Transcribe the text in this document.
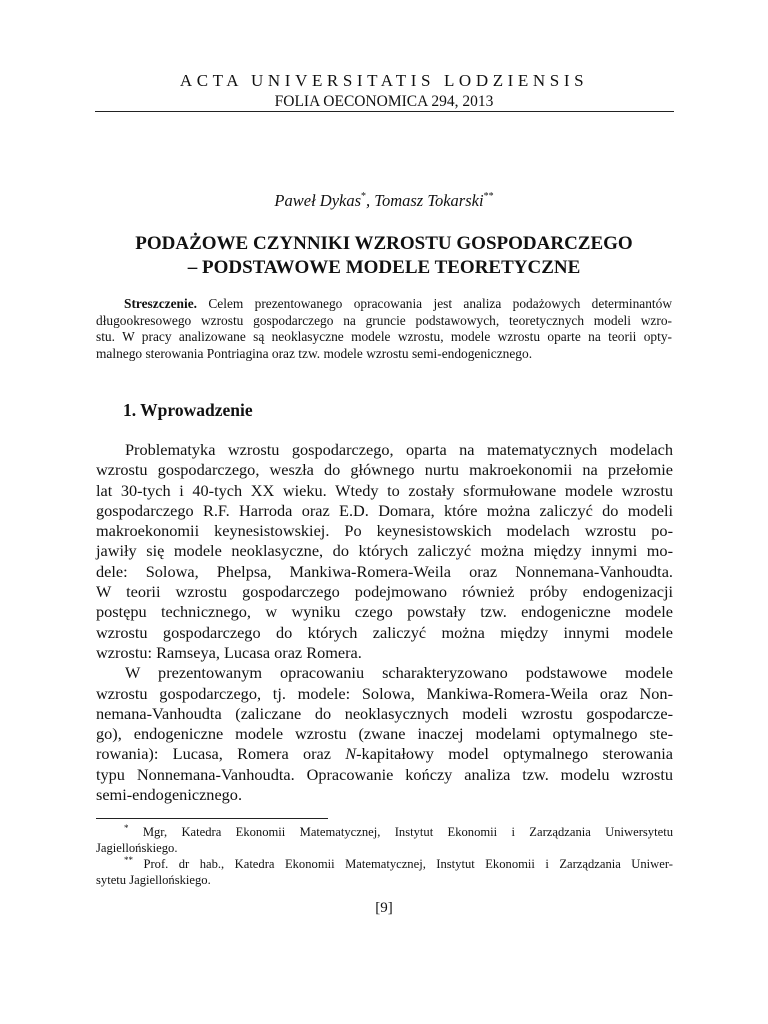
ACTA UNIVERSITATIS LODZIENSIS
FOLIA OECONOMICA 294, 2013
Paweł Dykas*, Tomasz Tokarski**
PODAŻOWE CZYNNIKI WZROSTU GOSPODARCZEGO
– PODSTAWOWE MODELE TEORETYCZNE
Streszczenie. Celem prezentowanego opracowania jest analiza podażowych determinantów
długookresowego wzrostu gospodarczego na gruncie podstawowych, teoretycznych modeli wzro-
stu. W pracy analizowane są neoklasyczne modele wzrostu, modele wzrostu oparte na teorii opty-
malnego sterowania Pontriagina oraz tzw. modele wzrostu semi-endogenicznego.
1. Wprowadzenie
Problematyka wzrostu gospodarczego, oparta na matematycznych modelach
wzrostu gospodarczego, weszła do głównego nurtu makroekonomii na przełomie
lat 30-tych i 40-tych XX wieku. Wtedy to zostały sformułowane modele wzrostu
gospodarczego R.F. Harroda oraz E.D. Domara, które można zaliczyć do modeli
makroekonomii keynesistowskiej. Po keynesistowskich modelach wzrostu po-
jawiły się modele neoklasyczne, do których zaliczyć można między innymi mo-
dele: Solowa, Phelpsa, Mankiwa-Romera-Weila oraz Nonnemana-Vanhoudta.
W teorii wzrostu gospodarczego podejmowano również próby endogenizacji
postępu technicznego, w wyniku czego powstały tzw. endogeniczne modele
wzrostu gospodarczego do których zaliczyć można między innymi modele
wzrostu: Ramseya, Lucasa oraz Romera.
W prezentowanym opracowaniu scharakteryzowano podstawowe modele
wzrostu gospodarczego, tj. modele: Solowa, Mankiwa-Romera-Weila oraz Non-
nemana-Vanhoudta (zaliczane do neoklasycznych modeli wzrostu gospodarcze-
go), endogeniczne modele wzrostu (zwane inaczej modelami optymalnego ste-
rowania): Lucasa, Romera oraz N-kapitałowy model optymalnego sterowania
typu Nonnemana-Vanhoudta. Opracowanie kończy analiza tzw. modelu wzrostu
semi-endogenicznego.
* Mgr, Katedra Ekonomii Matematycznej, Instytut Ekonomii i Zarządzania Uniwersytetu
Jagiellońskiego.
** Prof. dr hab., Katedra Ekonomii Matematycznej, Instytut Ekonomii i Zarządzania Uniwer-
sytetu Jagiellońskiego.
[9]
